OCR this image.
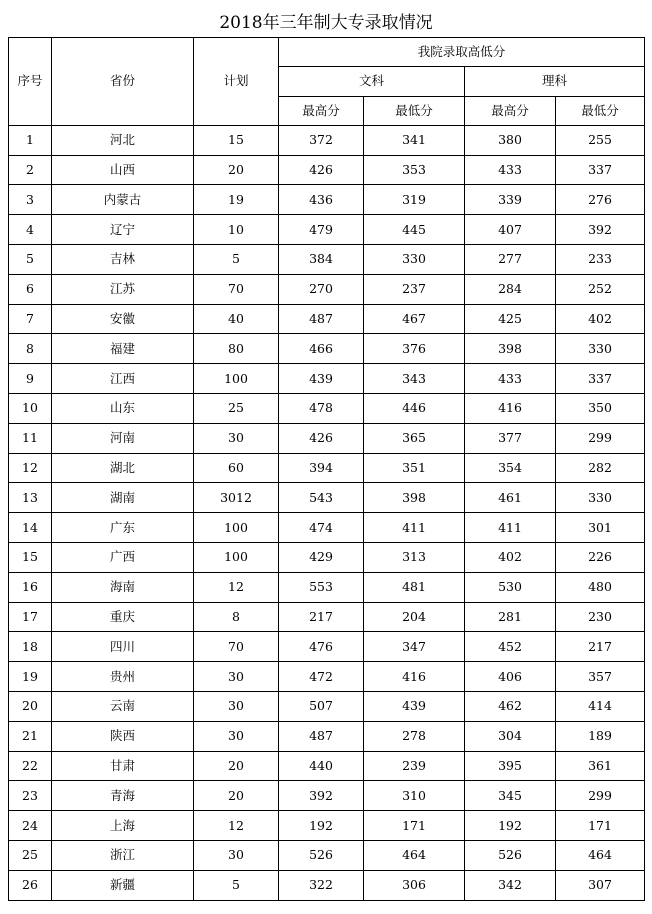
2018年三年制大专录取情况
序号	省份	计划	我院录取高低分			
			文科		理科	
			最高分	最低分	最高分	最低分
1	河北	15	372	341	380	255
2	山西	20	426	353	433	337
3	内蒙古	19	436	319	339	276
4	辽宁	10	479	445	407	392
5	吉林	5	384	330	277	233
6	江苏	70	270	237	284	252
7	安徽	40	487	467	425	402
8	福建	80	466	376	398	330
9	江西	100	439	343	433	337
10	山东	25	478	446	416	350
11	河南	30	426	365	377	299
12	湖北	60	394	351	354	282
13	湖南	3012	543	398	461	330
14	广东	100	474	411	411	301
15	广西	100	429	313	402	226
16	海南	12	553	481	530	480
17	重庆	8	217	204	281	230
18	四川	70	476	347	452	217
19	贵州	30	472	416	406	357
20	云南	30	507	439	462	414
21	陕西	30	487	278	304	189
22	甘肃	20	440	239	395	361
23	青海	20	392	310	345	299
24	上海	12	192	171	192	171
25	浙江	30	526	464	526	464
26	新疆	5	322	306	342	307
